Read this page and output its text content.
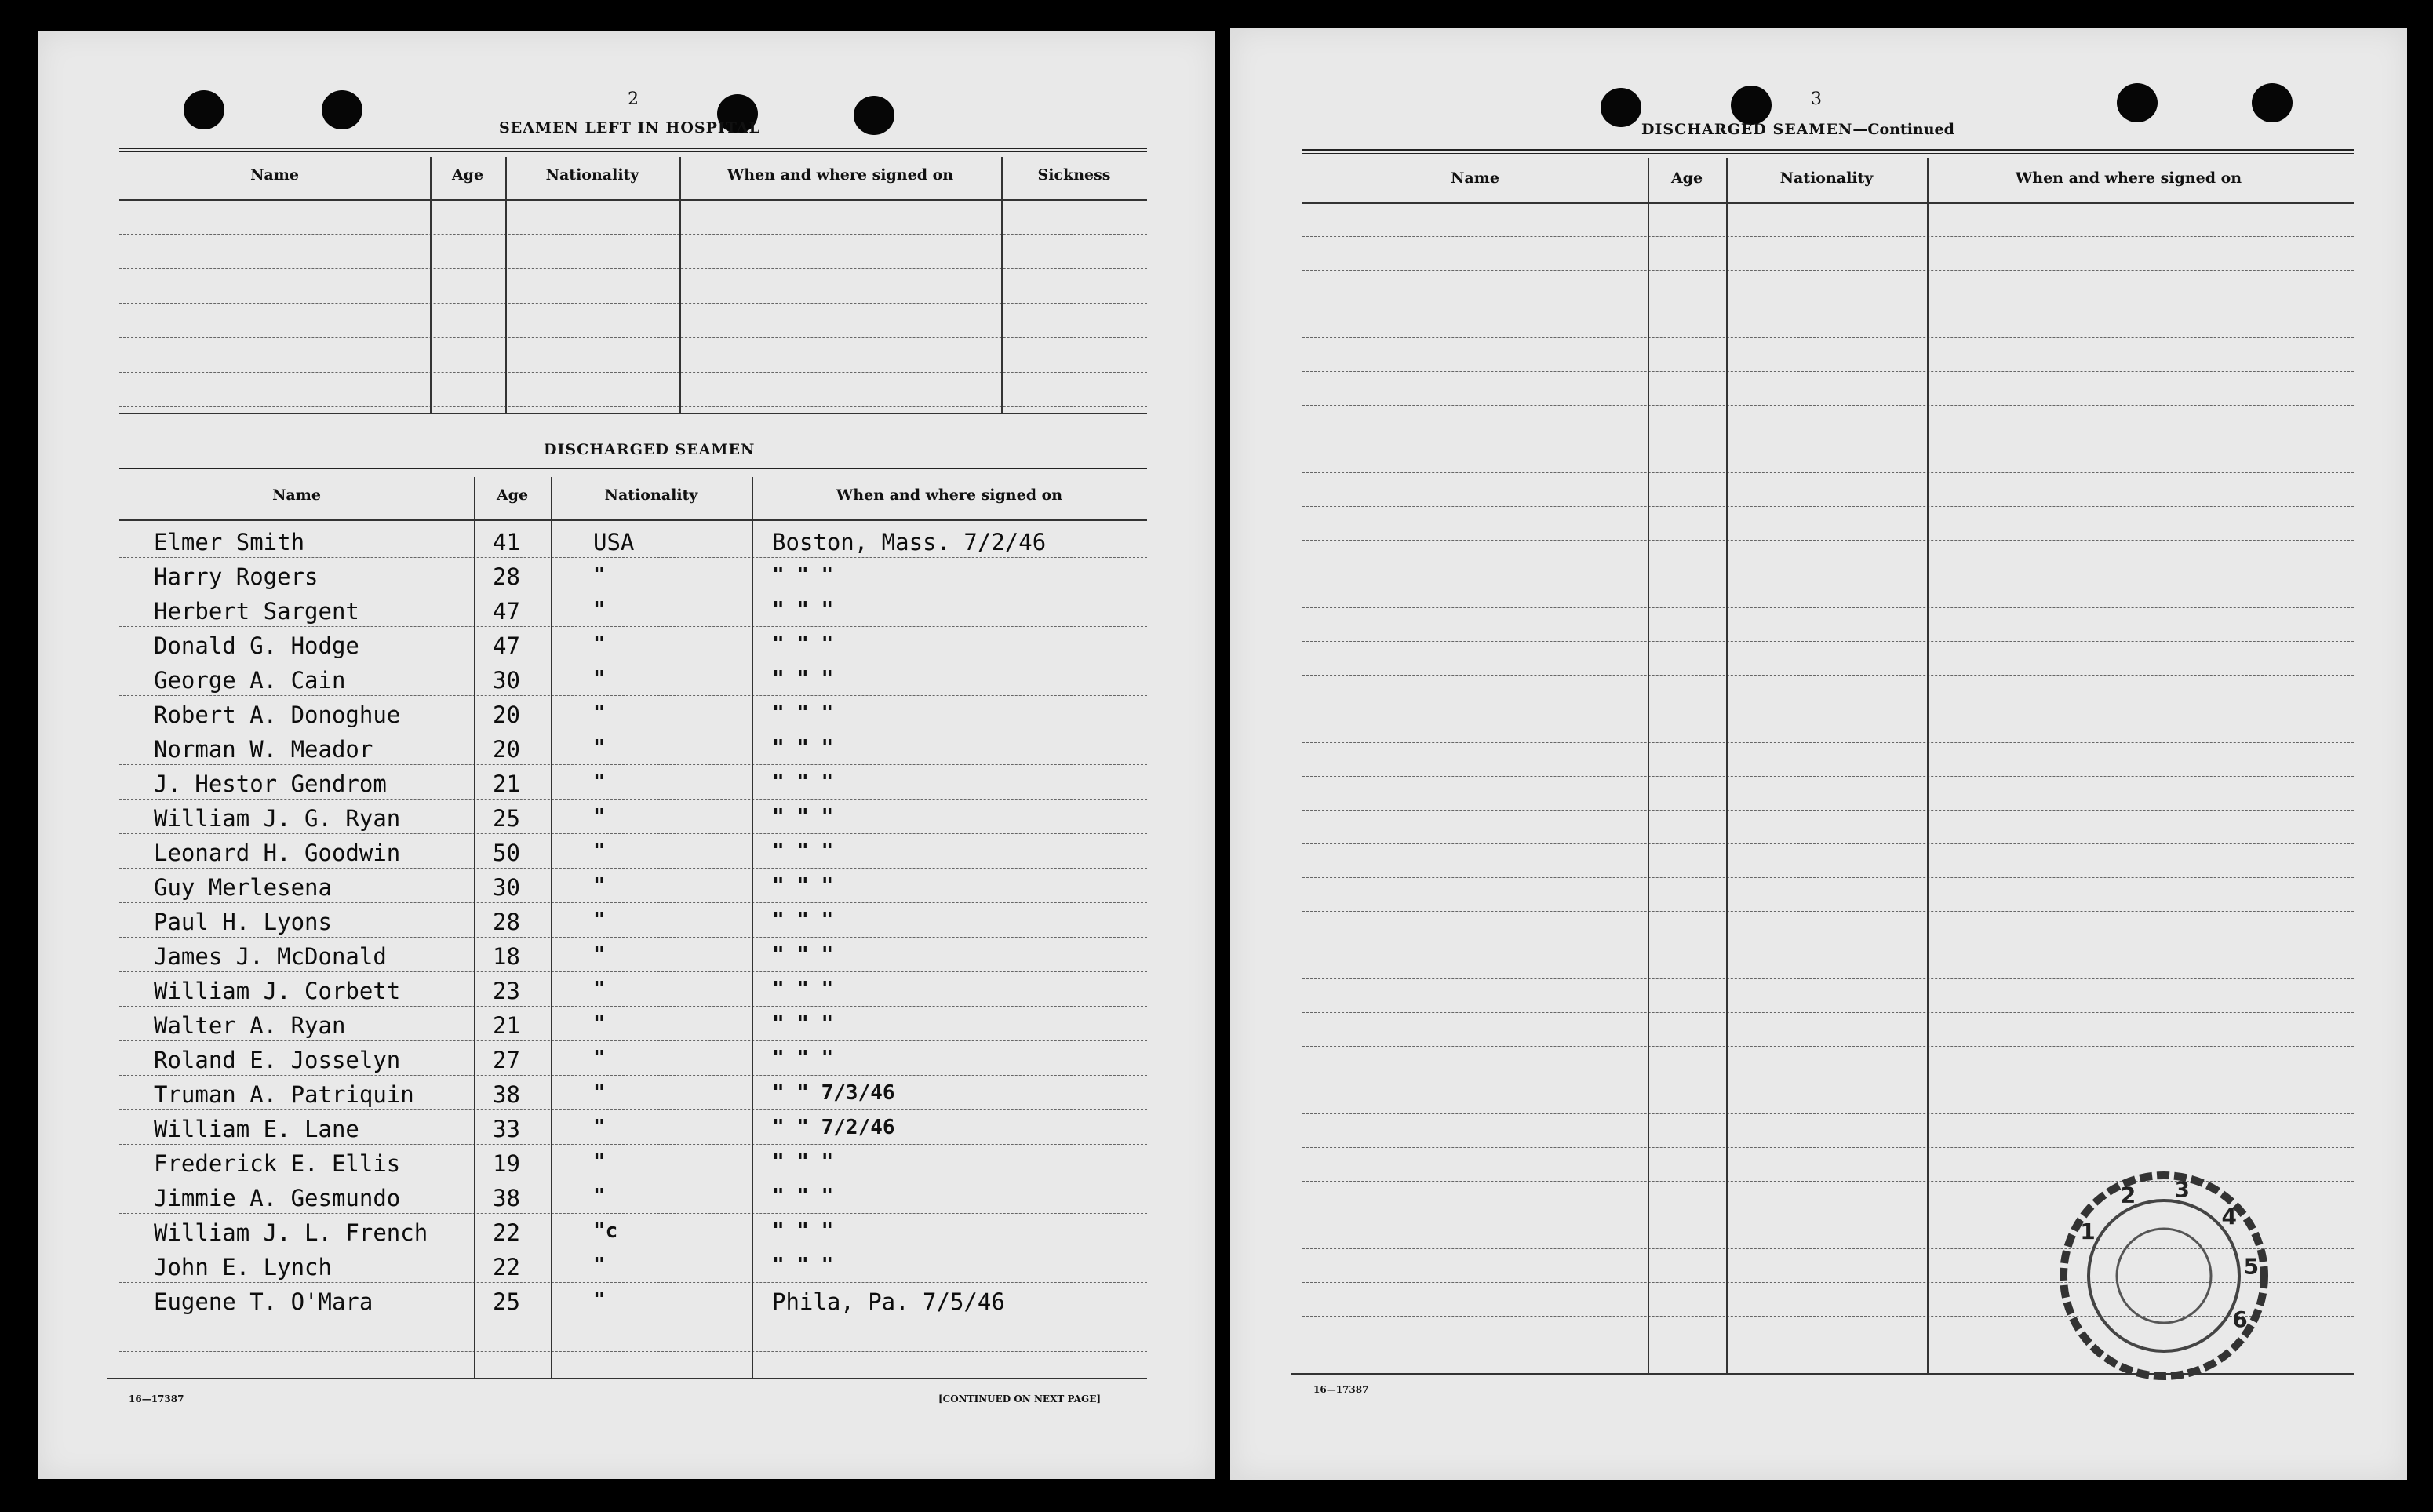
2
SEAMEN LEFT IN HOSPITAL
Name	Age	Nationality	When and where signed on	Sickness
DISCHARGED SEAMEN
Name	Age	Nationality	When and where signed on
Elmer Smith	41	USA	Boston, Mass. 7/2/46
Harry Rogers	28	"	" " "
Herbert Sargent	47	"	" " "
Donald G. Hodge	47	"	" " "
George A. Cain	30	"	" " "
Robert A. Donoghue	20	"	" " "
Norman W. Meador	20	"	" " "
J. Hestor Gendrom	21	"	" " "
William J. G. Ryan	25	"	" " "
Leonard H. Goodwin	50	"	" " "
Guy Merlesena	30	"	" " "
Paul H. Lyons	28	"	" " "
James J. McDonald	18	"	" " "
William J. Corbett	23	"	" " "
Walter A. Ryan	21	"	" " "
Roland E. Josselyn	27	"	" " "
Truman A. Patriquin	38	"	" " 7/3/46
William E. Lane	33	"	" " 7/2/46
Frederick E. Ellis	19	"	" " "
Jimmie A. Gesmundo	38	"	" " "
William J. L. French	22	"c	" " "
John E. Lynch	22	"	" " "
Eugene T. O'Mara	25	"	Phila, Pa. 7/5/46
16—17387	[CONTINUED ON NEXT PAGE]
3
DISCHARGED SEAMEN—Continued
Name	Age	Nationality	When and where signed on
16—17387
1
2 3
4
5
6
